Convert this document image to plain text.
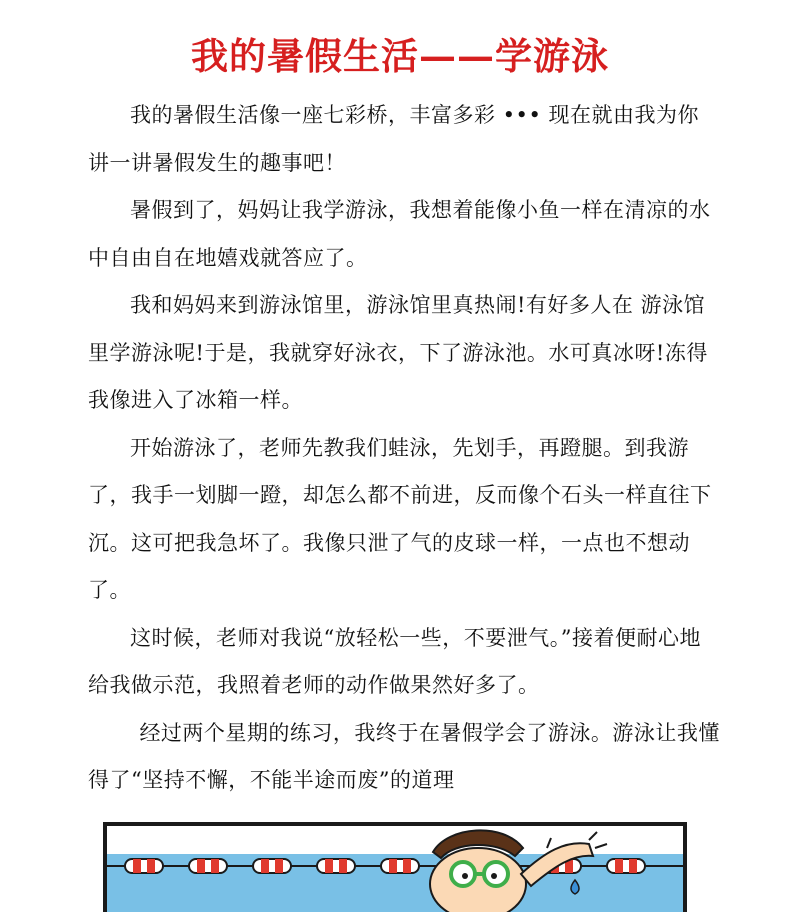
我的暑假生活——学游泳

我的暑假生活像一座七彩桥，丰富多彩 ••• 现在就由我为你讲一讲暑假发生的趣事吧！

暑假到了，妈妈让我学游泳，我想着能像小鱼一样在清凉的水中自由自在地嬉戏就答应了。

我和妈妈来到游泳馆里，游泳馆里真热闹!有好多人在 游泳馆里学游泳呢!于是，我就穿好泳衣，下了游泳池。水可真冰呀!冻得我像进入了冰箱一样。

开始游泳了，老师先教我们蛙泳，先划手，再蹬腿。到我游了，我手一划脚一蹬，却怎么都不前进，反而像个石头一样直往下沉。这可把我急坏了。我像只泄了气的皮球一样，一点也不想动了。

这时候，老师对我说“放轻松一些，不要泄气。”接着便耐心地给我做示范，我照着老师的动作做果然好多了。

经过两个星期的练习，我终于在暑假学会了游泳。游泳让我懂得了“坚持不懈，不能半途而废”的道理
